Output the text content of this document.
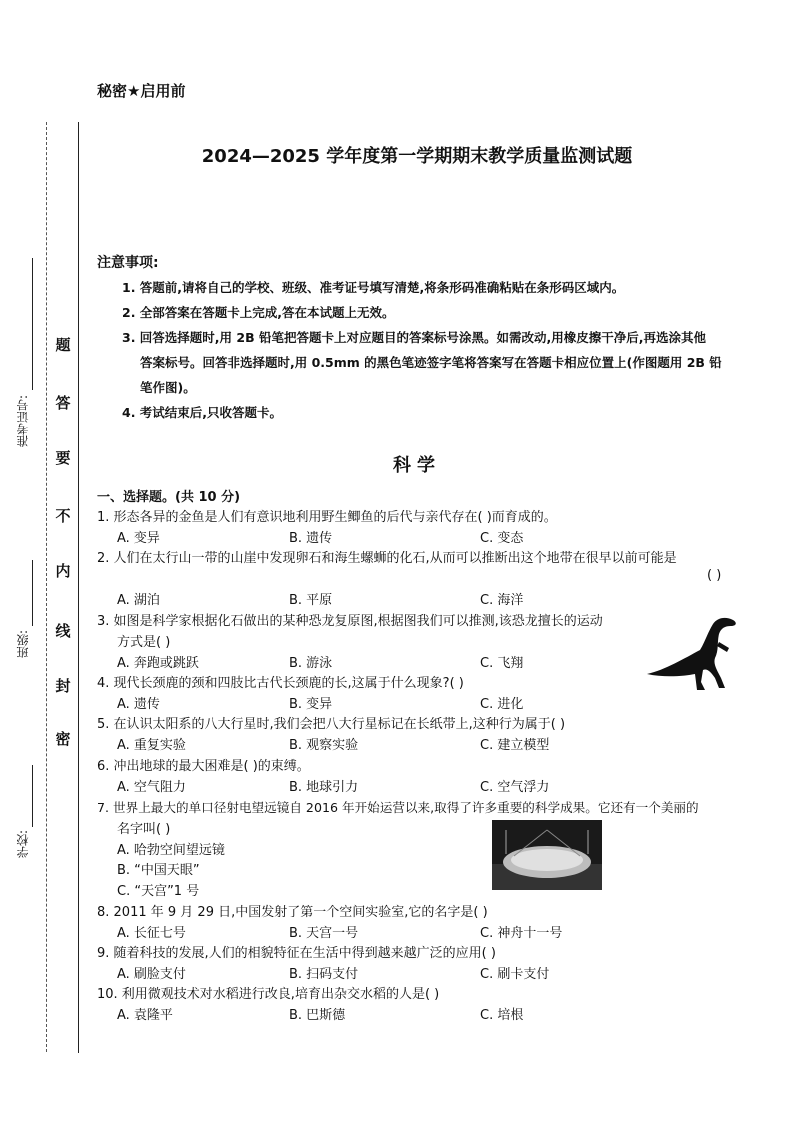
密
封
线
内
不
要
答
题
学校:
班级:
准考证号:
秘密★启用前
2024—2025 学年度第一学期期末教学质量监测试题
注意事项:
1. 答题前,请将自己的学校、班级、准考证号填写清楚,将条形码准确粘贴在条形码区域内。
2. 全部答案在答题卡上完成,答在本试题上无效。
3. 回答选择题时,用 2B 铅笔把答题卡上对应题目的答案标号涂黑。如需改动,用橡皮擦干净后,再选涂其他
答案标号。回答非选择题时,用 0.5mm 的黑色笔迹签字笔将答案写在答题卡相应位置上(作图题用 2B 铅
笔作图)。
4. 考试结束后,只收答题卡。
科学
一、选择题。(共 10 分)
1. 形态各异的金鱼是人们有意识地利用野生鲫鱼的后代与亲代存在( )而育成的。
A. 变异	B. 遗传	C. 变态
2. 人们在太行山一带的山崖中发现卵石和海生螺蛳的化石,从而可以推断出这个地带在很早以前可能是
( )
A. 湖泊	B. 平原	C. 海洋
3. 如图是科学家根据化石做出的某种恐龙复原图,根据图我们可以推测,该恐龙擅长的运动
方式是( )
A. 奔跑或跳跃	B. 游泳	C. 飞翔
4. 现代长颈鹿的颈和四肢比古代长颈鹿的长,这属于什么现象?( )
A. 遗传	B. 变异	C. 进化
5. 在认识太阳系的八大行星时,我们会把八大行星标记在长纸带上,这种行为属于( )
A. 重复实验	B. 观察实验	C. 建立模型
6. 冲出地球的最大困难是( )的束缚。
A. 空气阻力	B. 地球引力	C. 空气浮力
7. 世界上最大的单口径射电望远镜自 2016 年开始运营以来,取得了许多重要的科学成果。它还有一个美丽的
名字叫( )
A. 哈勃空间望远镜
B. “中国天眼”
C. “天宫”1 号
8. 2011 年 9 月 29 日,中国发射了第一个空间实验室,它的名字是( )
A. 长征七号	B. 天宫一号	C. 神舟十一号
9. 随着科技的发展,人们的相貌特征在生活中得到越来越广泛的应用( )
A. 刷脸支付	B. 扫码支付	C. 刷卡支付
10. 利用微观技术对水稻进行改良,培育出杂交水稻的人是( )
A. 袁隆平	B. 巴斯德	C. 培根
